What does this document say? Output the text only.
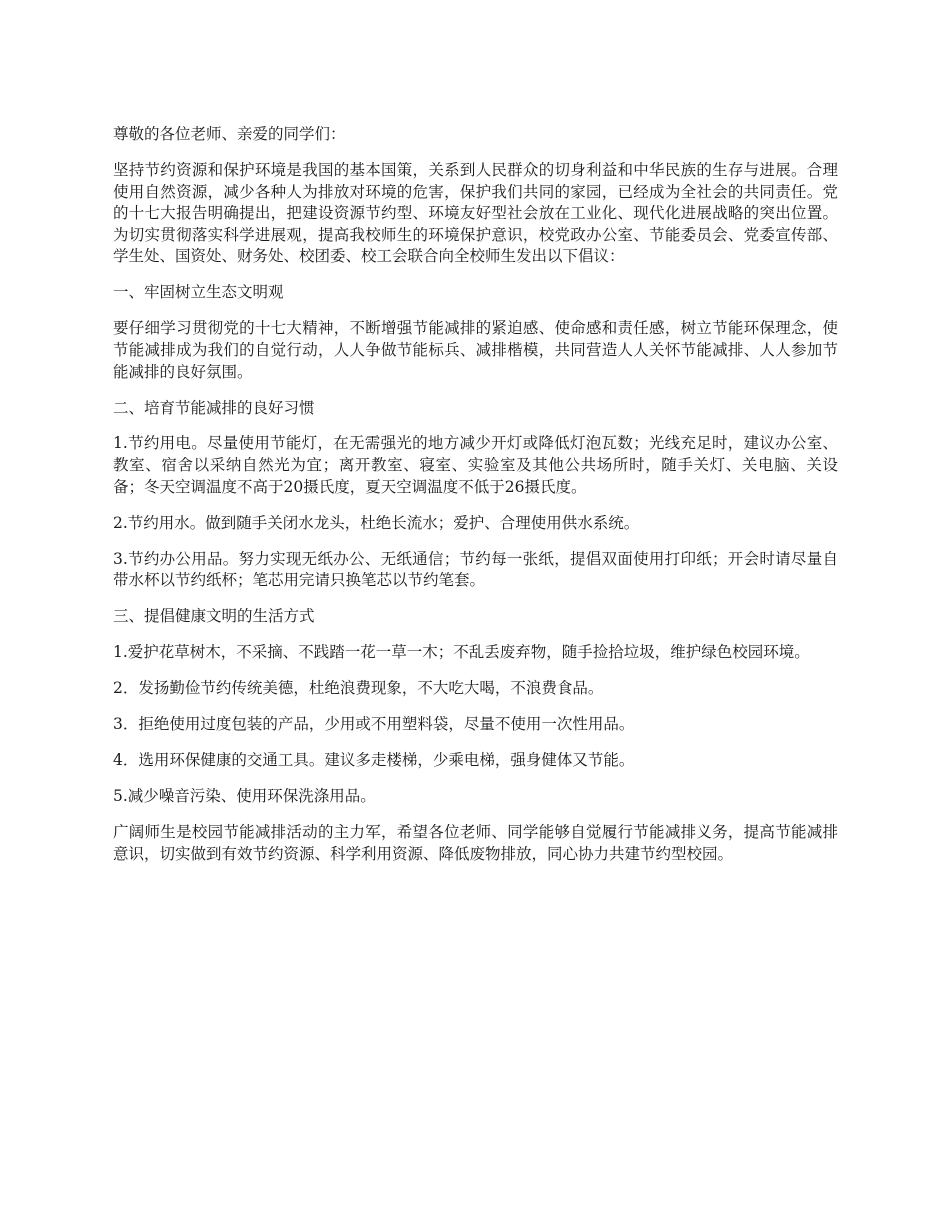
尊敬的各位老师、亲爱的同学们：

坚持节约资源和保护环境是我国的基本国策，关系到人民群众的切身利益和中华民族的生存与进展。合理使用自然资源，减少各种人为排放对环境的危害，保护我们共同的家园，已经成为全社会的共同责任。党的十七大报告明确提出，把建设资源节约型、环境友好型社会放在工业化、现代化进展战略的突出位置。为切实贯彻落实科学进展观，提高我校师生的环境保护意识，校党政办公室、节能委员会、党委宣传部、学生处、国资处、财务处、校团委、校工会联合向全校师生发出以下倡议：

一、牢固树立生态文明观

要仔细学习贯彻党的十七大精神，不断增强节能减排的紧迫感、使命感和责任感，树立节能环保理念，使节能减排成为我们的自觉行动，人人争做节能标兵、减排楷模，共同营造人人关怀节能减排、人人参加节能减排的良好氛围。

二、培育节能减排的良好习惯

1.节约用电。尽量使用节能灯，在无需强光的地方减少开灯或降低灯泡瓦数；光线充足时，建议办公室、教室、宿舍以采纳自然光为宜；离开教室、寝室、实验室及其他公共场所时，随手关灯、关电脑、关设备；冬天空调温度不高于20摄氏度，夏天空调温度不低于26摄氏度。

2.节约用水。做到随手关闭水龙头，杜绝长流水；爱护、合理使用供水系统。

3.节约办公用品。努力实现无纸办公、无纸通信；节约每一张纸，提倡双面使用打印纸；开会时请尽量自带水杯以节约纸杯；笔芯用完请只换笔芯以节约笔套。

三、提倡健康文明的生活方式

1.爱护花草树木，不采摘、不践踏一花一草一木；不乱丢废弃物，随手捡拾垃圾，维护绿色校园环境。

2．发扬勤俭节约传统美德，杜绝浪费现象，不大吃大喝，不浪费食品。

3．拒绝使用过度包装的产品，少用或不用塑料袋，尽量不使用一次性用品。

4．选用环保健康的交通工具。建议多走楼梯，少乘电梯，强身健体又节能。

5.减少噪音污染、使用环保洗涤用品。

广阔师生是校园节能减排活动的主力军，希望各位老师、同学能够自觉履行节能减排义务，提高节能减排意识，切实做到有效节约资源、科学利用资源、降低废物排放，同心协力共建节约型校园。
